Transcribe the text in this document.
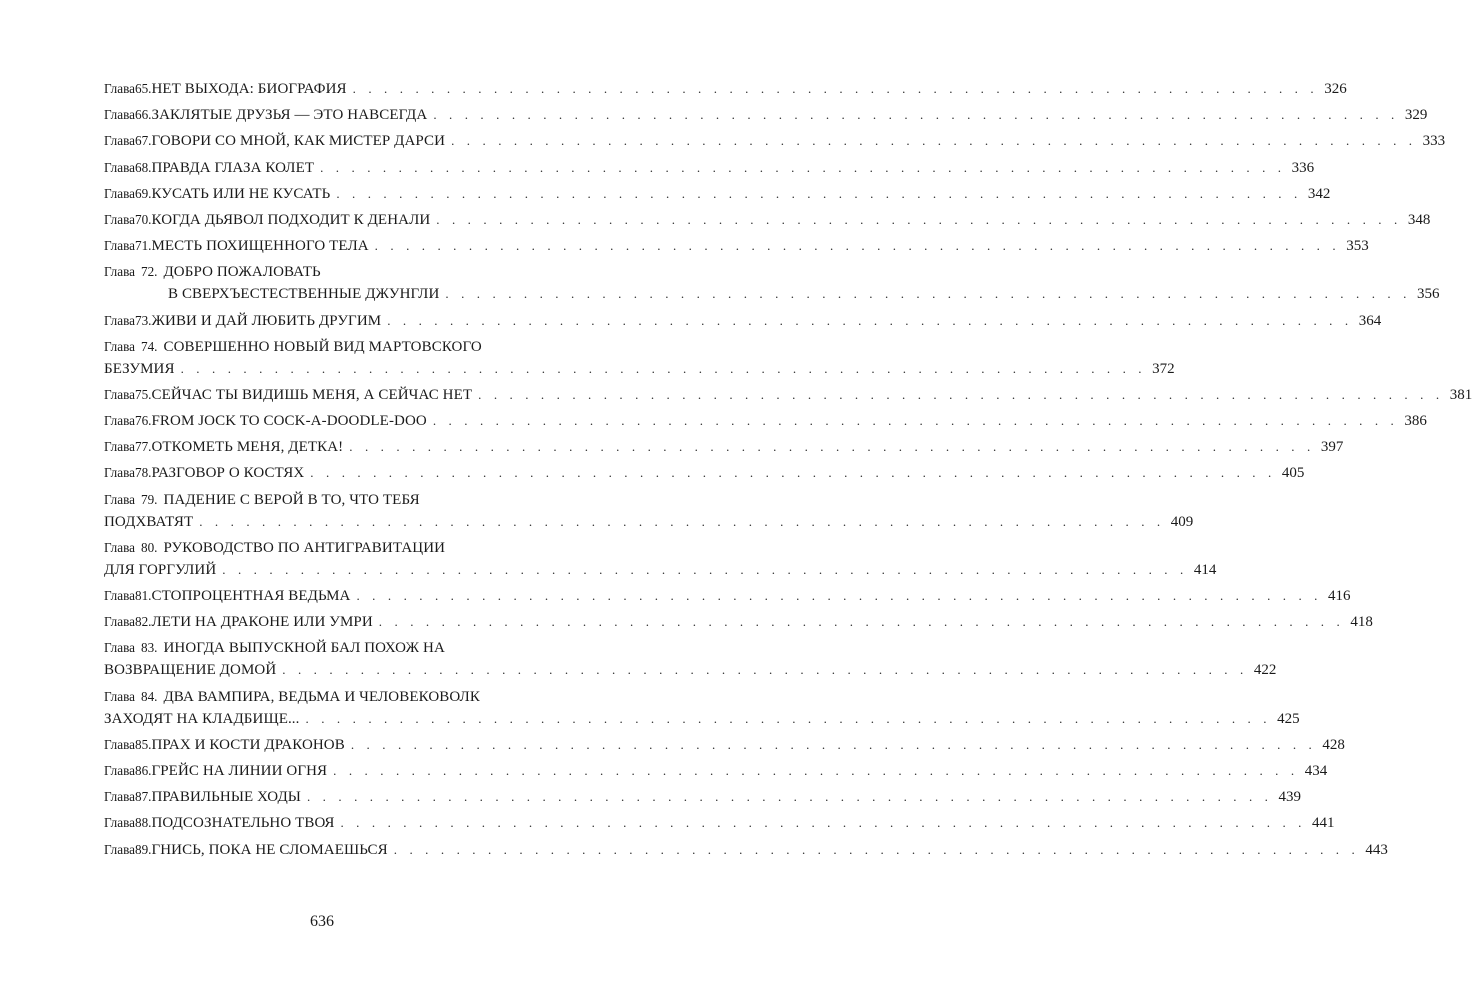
Глава 65. НЕТ ВЫХОДА: БИОГРАФИЯ . . . . . . . . . . . . . . . . . . . . . . . . . . . . . . . . . . . . . . . . . . . . . . . . . . . . . . . . . . . . . . 326
Глава 66. ЗАКЛЯТЫЕ ДРУЗЬЯ — ЭТО НАВСЕГДА . . . . . . . . . . . . . . . . . . . . . . . . . . . . . . . . . . . . . . . . . . . . . . . . . . . . . . . . . . . . . . 329
Глава 67. ГОВОРИ СО МНОЙ, КАК МИСТЕР ДАРСИ . . . . . . . . . . . . . . . . . . . . . . . . . . . . . . . . . . . . . . . . . . . . . . . . . . . . . . . . . . . . . . 333
Глава 68. ПРАВДА ГЛАЗА КОЛЕТ . . . . . . . . . . . . . . . . . . . . . . . . . . . . . . . . . . . . . . . . . . . . . . . . . . . . . . . . . . . . . . 336
Глава 69. КУСАТЬ ИЛИ НЕ КУСАТЬ . . . . . . . . . . . . . . . . . . . . . . . . . . . . . . . . . . . . . . . . . . . . . . . . . . . . . . . . . . . . . . 342
Глава 70. КОГДА ДЬЯВОЛ ПОДХОДИТ К ДЕНАЛИ . . . . . . . . . . . . . . . . . . . . . . . . . . . . . . . . . . . . . . . . . . . . . . . . . . . . . . . . . . . . . . 348
Глава 71. МЕСТЬ ПОХИЩЕННОГО ТЕЛА . . . . . . . . . . . . . . . . . . . . . . . . . . . . . . . . . . . . . . . . . . . . . . . . . . . . . . . . . . . . . . 353
Глава 72. ДОБРО ПОЖАЛОВАТЬ
В СВЕРХЪЕСТЕСТВЕННЫЕ ДЖУНГЛИ . . . . . . . . . . . . . . . . . . . . . . . . . . . . . . . . . . . . . . . . . . . . . . . . . . . . . . . . . . . . . . 356
Глава 73. ЖИВИ И ДАЙ ЛЮБИТЬ ДРУГИМ . . . . . . . . . . . . . . . . . . . . . . . . . . . . . . . . . . . . . . . . . . . . . . . . . . . . . . . . . . . . . . 364
Глава 74. СОВЕРШЕННО НОВЫЙ ВИД МАРТОВСКОГО
БЕЗУМИЯ . . . . . . . . . . . . . . . . . . . . . . . . . . . . . . . . . . . . . . . . . . . . . . . . . . . . . . . . . . . . . . 372
Глава 75. СЕЙЧАС ТЫ ВИДИШЬ МЕНЯ, А СЕЙЧАС НЕТ . . . . . . . . . . . . . . . . . . . . . . . . . . . . . . . . . . . . . . . . . . . . . . . . . . . . . . . . . . . . . . 381
Глава 76. FROM JOCK TO COCK-A-DOODLE-DOO . . . . . . . . . . . . . . . . . . . . . . . . . . . . . . . . . . . . . . . . . . . . . . . . . . . . . . . . . . . . . . 386
Глава 77. ОТКОМЕТЬ МЕНЯ, ДЕТКА! . . . . . . . . . . . . . . . . . . . . . . . . . . . . . . . . . . . . . . . . . . . . . . . . . . . . . . . . . . . . . . 397
Глава 78. РАЗГОВОР О КОСТЯХ . . . . . . . . . . . . . . . . . . . . . . . . . . . . . . . . . . . . . . . . . . . . . . . . . . . . . . . . . . . . . . 405
Глава 79. ПАДЕНИЕ С ВЕРОЙ В ТО, ЧТО ТЕБЯ
ПОДХВАТЯТ . . . . . . . . . . . . . . . . . . . . . . . . . . . . . . . . . . . . . . . . . . . . . . . . . . . . . . . . . . . . . . 409
Глава 80. РУКОВОДСТВО ПО АНТИГРАВИТАЦИИ
ДЛЯ ГОРГУЛИЙ . . . . . . . . . . . . . . . . . . . . . . . . . . . . . . . . . . . . . . . . . . . . . . . . . . . . . . . . . . . . . . 414
Глава 81. СТОПРОЦЕНТНАЯ ВЕДЬМА . . . . . . . . . . . . . . . . . . . . . . . . . . . . . . . . . . . . . . . . . . . . . . . . . . . . . . . . . . . . . . 416
Глава 82. ЛЕТИ НА ДРАКОНЕ ИЛИ УМРИ . . . . . . . . . . . . . . . . . . . . . . . . . . . . . . . . . . . . . . . . . . . . . . . . . . . . . . . . . . . . . . 418
Глава 83. ИНОГДА ВЫПУСКНОЙ БАЛ ПОХОЖ НА
ВОЗВРАЩЕНИЕ ДОМОЙ . . . . . . . . . . . . . . . . . . . . . . . . . . . . . . . . . . . . . . . . . . . . . . . . . . . . . . . . . . . . . . 422
Глава 84. ДВА ВАМПИРА, ВЕДЬМА И ЧЕЛОВЕКОВОЛК
ЗАХОДЯТ НА КЛАДБИЩЕ... . . . . . . . . . . . . . . . . . . . . . . . . . . . . . . . . . . . . . . . . . . . . . . . . . . . . . . . . . . . . . . 425
Глава 85. ПРАХ И КОСТИ ДРАКОНОВ . . . . . . . . . . . . . . . . . . . . . . . . . . . . . . . . . . . . . . . . . . . . . . . . . . . . . . . . . . . . . . 428
Глава 86. ГРЕЙС НА ЛИНИИ ОГНЯ . . . . . . . . . . . . . . . . . . . . . . . . . . . . . . . . . . . . . . . . . . . . . . . . . . . . . . . . . . . . . . 434
Глава 87. ПРАВИЛЬНЫЕ ХОДЫ . . . . . . . . . . . . . . . . . . . . . . . . . . . . . . . . . . . . . . . . . . . . . . . . . . . . . . . . . . . . . . 439
Глава 88. ПОДСОЗНАТЕЛЬНО ТВОЯ . . . . . . . . . . . . . . . . . . . . . . . . . . . . . . . . . . . . . . . . . . . . . . . . . . . . . . . . . . . . . . 441
Глава 89. ГНИСЬ, ПОКА НЕ СЛОМАЕШЬСЯ . . . . . . . . . . . . . . . . . . . . . . . . . . . . . . . . . . . . . . . . . . . . . . . . . . . . . . . . . . . . . . 443
636
